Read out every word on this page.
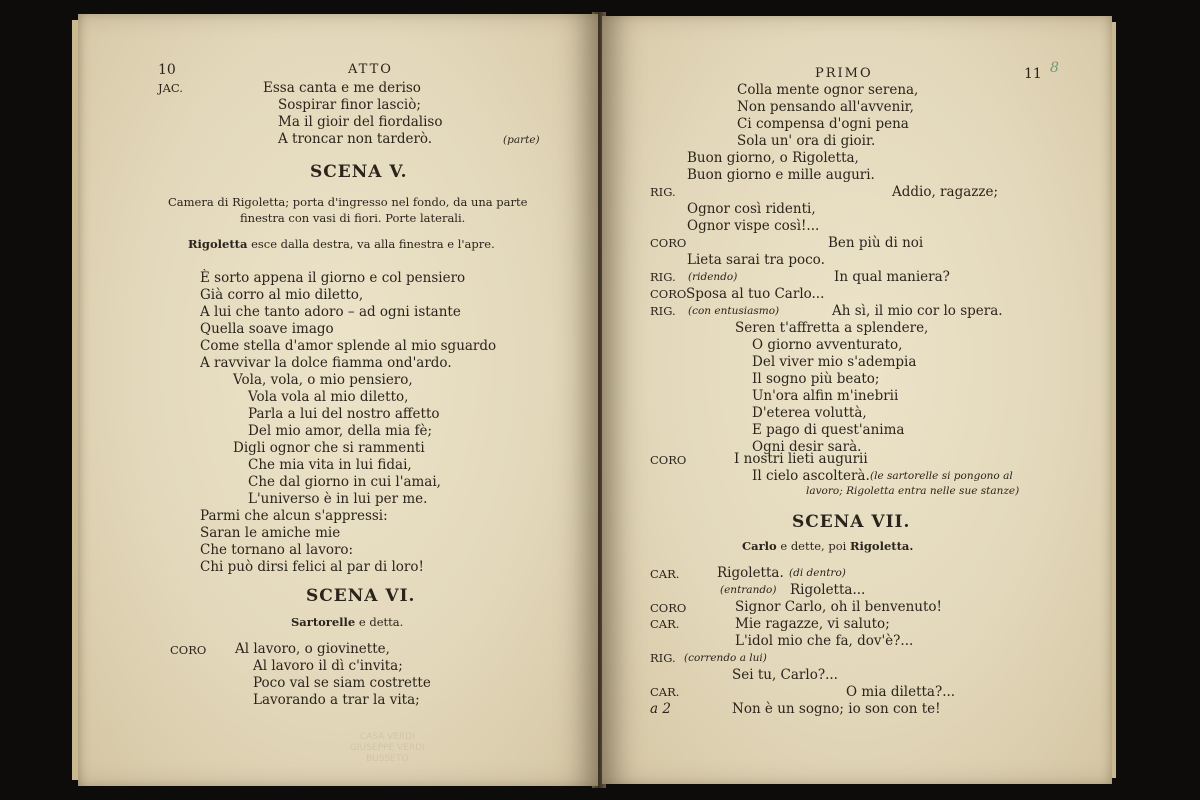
10	ATTO
JAC.	Essa canta e me deriso
Sospirar finor lasciò;
Ma il gioir del fiordaliso
A troncar non tarderò.	(parte)
SCENA V.
Camera di Rigoletta; porta d'ingresso nel fondo, da una parte
finestra con vasi di fiori. Porte laterali.
Rigoletta esce dalla destra, va alla finestra e l'apre.
È sorto appena il giorno e col pensiero
Già corro al mio diletto,
A lui che tanto adoro – ad ogni istante
Quella soave imago
Come stella d'amor splende al mio sguardo
A ravvivar la dolce fiamma ond'ardo.
Vola, vola, o mio pensiero,
Vola vola al mio diletto,
Parla a lui del nostro affetto
Del mio amor, della mia fè;
Digli ognor che si rammenti
Che mia vita in lui fidai,
Che dal giorno in cui l'amai,
L'universo è in lui per me.
Parmi che alcun s'appressi:
Saran le amiche mie
Che tornano al lavoro:
Chi può dirsi felici al par di loro!
SCENA VI.
Sartorelle e detta.
CORO Al lavoro, o giovinette,
Al lavoro il dì c'invita;
Poco val se siam costrette
Lavorando a trar la vita;
CASA VERDI
GIUSEPPE VERDI
BUSSETO
PRIMO	11 8
Colla mente ognor serena,
Non pensando all'avvenir,
Ci compensa d'ogni pena
Sola un' ora di gioir.
Buon giorno, o Rigoletta,
Buon giorno e mille auguri.
RIG.	Addio, ragazze;
Ognor così ridenti,
Ognor vispe così!...
CORO	Ben più di noi
Lieta sarai tra poco.
RIG. (ridendo)	In qual maniera?
CORO Sposa al tuo Carlo...
RIG. (con entusiasmo)	Ah sì, il mio cor lo spera.
Seren t'affretta a splendere,
O giorno avventurato,
Del viver mio s'adempia
Il sogno più beato;
Un'ora alfin m'inebrii
D'eterea voluttà,
E pago di quest'anima
Ogni desir sarà.
CORO	I nostri lieti augurii
Il cielo ascolterà. (le sartorelle si pongono al
lavoro; Rigoletta entra nelle sue stanze)
SCENA VII.
Carlo e dette, poi Rigoletta.
CAR.	Rigoletta. (di dentro)
(entrando) Rigoletta...
CORO	Signor Carlo, oh il benvenuto!
CAR.	Mie ragazze, vi saluto;
L'idol mio che fa, dov'è?...
RIG. (correndo a lui)
Sei tu, Carlo?...
CAR.	O mia diletta?...
a 2	Non è un sogno; io son con te!
